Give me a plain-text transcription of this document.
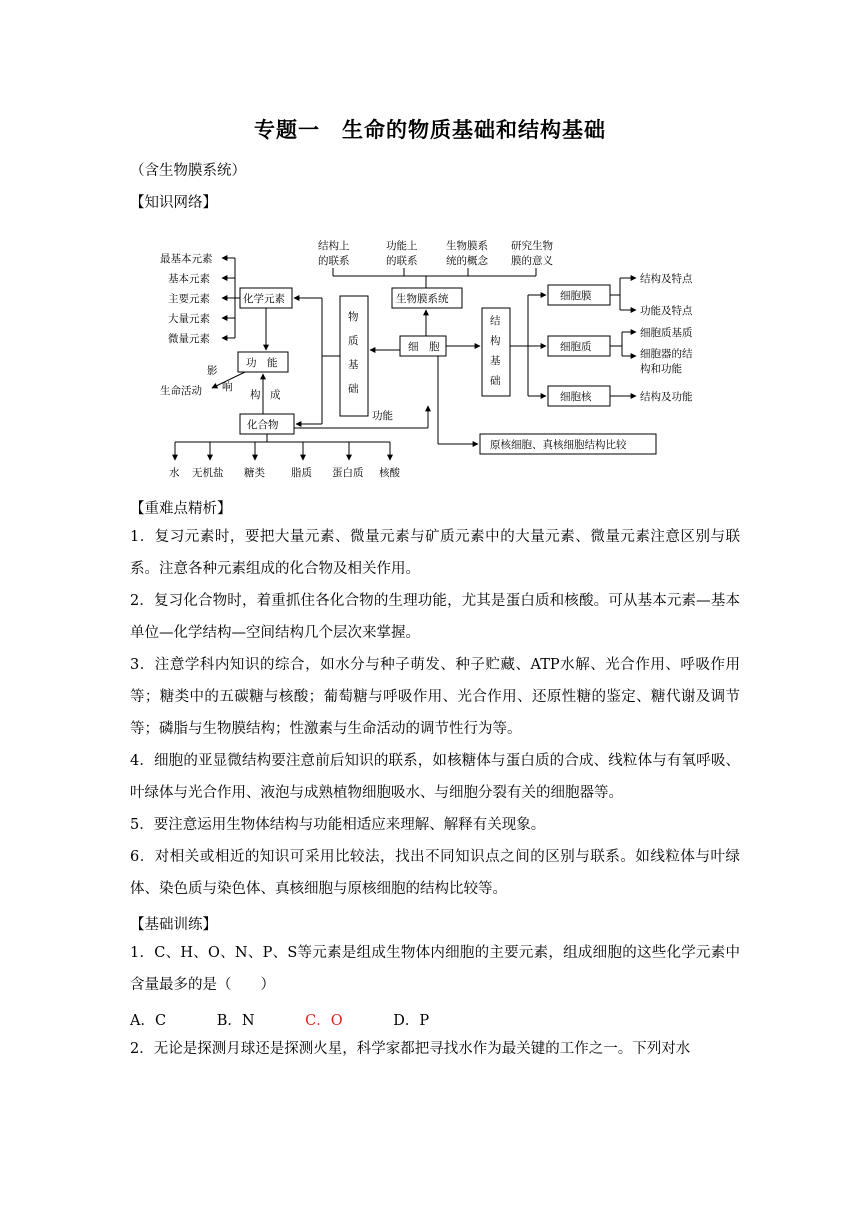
专题一　生命的物质基础和结构基础
（含生物膜系统）
【知识网络】
最基本元素
基本元素
主要元素
大量元素
微量元素
化学元素
功　能
影
响
生命活动	构 成
化合物
水 无机盐 糖类 脂质 蛋白质 核酸
物
质
基
础
功能
细　胞
生物膜系统
结构上
的联系
功能上
的联系
生物膜系
统的概念
研究生物
膜的意义
结
构
基
础
细胞膜
细胞质
细胞核
结构及特点
功能及特点
细胞质基质
细胞器的结
构和功能
结构及功能
原核细胞、真核细胞结构比较
【重难点精析】
1．复习元素时，要把大量元素、微量元素与矿质元素中的大量元素、微量元素注意区别与联系。注意各种元素组成的化合物及相关作用。
2．复习化合物时，着重抓住各化合物的生理功能，尤其是蛋白质和核酸。可从基本元素—基本单位—化学结构—空间结构几个层次来掌握。
3．注意学科内知识的综合，如水分与种子萌发、种子贮藏、ATP水解、光合作用、呼吸作用等；糖类中的五碳糖与核酸；葡萄糖与呼吸作用、光合作用、还原性糖的鉴定、糖代谢及调节等；磷脂与生物膜结构；性激素与生命活动的调节性行为等。
4．细胞的亚显微结构要注意前后知识的联系，如核糖体与蛋白质的合成、线粒体与有氧呼吸、叶绿体与光合作用、液泡与成熟植物细胞吸水、与细胞分裂有关的细胞器等。
5．要注意运用生物体结构与功能相适应来理解、解释有关现象。
6．对相关或相近的知识可采用比较法，找出不同知识点之间的区别与联系。如线粒体与叶绿体、染色质与染色体、真核细胞与原核细胞的结构比较等。
【基础训练】
1．C、H、O、N、P、S等元素是组成生物体内细胞的主要元素，组成细胞的这些化学元素中含量最多的是（　　）
A．C	B．N	C．O	D．P
2．无论是探测月球还是探测火星，科学家都把寻找水作为最关键的工作之一。下列对水
